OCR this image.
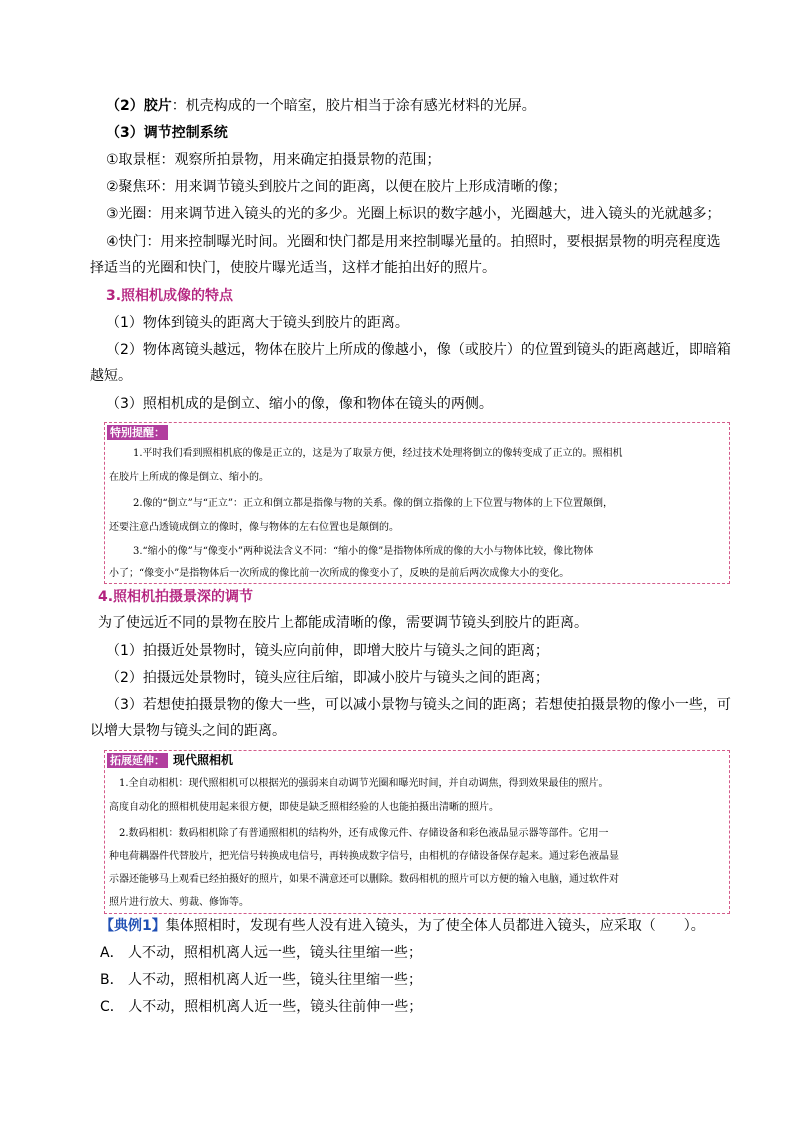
（2）胶片：机壳构成的一个暗室，胶片相当于涂有感光材料的光屏。
（3）调节控制系统
①取景框：观察所拍景物，用来确定拍摄景物的范围；
②聚焦环：用来调节镜头到胶片之间的距离，以便在胶片上形成清晰的像；
③光圈：用来调节进入镜头的光的多少。光圈上标识的数字越小，光圈越大，进入镜头的光就越多；
④快门：用来控制曝光时间。光圈和快门都是用来控制曝光量的。拍照时，要根据景物的明亮程度选
择适当的光圈和快门，使胶片曝光适当，这样才能拍出好的照片。
3.照相机成像的特点
（1）物体到镜头的距离大于镜头到胶片的距离。
（2）物体离镜头越远，物体在胶片上所成的像越小，像（或胶片）的位置到镜头的距离越近，即暗箱
越短。
（3）照相机成的是倒立、缩小的像，像和物体在镜头的两侧。
特别提醒：
1.平时我们看到照相机底的像是正立的，这是为了取景方便，经过技术处理将倒立的像转变成了正立的。照相机
在胶片上所成的像是倒立、缩小的。
2.像的“倒立”与“正立”：正立和倒立都是指像与物的关系。像的倒立指像的上下位置与物体的上下位置颠倒，
还要注意凸透镜成倒立的像时，像与物体的左右位置也是颠倒的。
3.“缩小的像”与“像变小”两种说法含义不同：“缩小的像”是指物体所成的像的大小与物体比较，像比物体
小了；“像变小”是指物体后一次所成的像比前一次所成的像变小了，反映的是前后两次成像大小的变化。
4.照相机拍摄景深的调节
为了使远近不同的景物在胶片上都能成清晰的像，需要调节镜头到胶片的距离。
（1）拍摄近处景物时，镜头应向前伸，即增大胶片与镜头之间的距离；
（2）拍摄远处景物时，镜头应往后缩，即减小胶片与镜头之间的距离；
（3）若想使拍摄景物的像大一些，可以减小景物与镜头之间的距离；若想使拍摄景物的像小一些，可
以增大景物与镜头之间的距离。
拓展延伸： 现代照相机
1.全自动相机：现代照相机可以根据光的强弱来自动调节光圈和曝光时间，并自动调焦，得到效果最佳的照片。
高度自动化的照相机使用起来很方便，即使是缺乏照相经验的人也能拍摄出清晰的照片。
2.数码相机：数码相机除了有普通照相机的结构外，还有成像元件、存储设备和彩色液晶显示器等部件。它用一
种电荷耦器件代替胶片，把光信号转换成电信号，再转换成数字信号，由相机的存储设备保存起来。通过彩色液晶显
示器还能够马上观看已经拍摄好的照片，如果不满意还可以删除。数码相机的照片可以方便的输入电脑，通过软件对
照片进行放大、剪裁、修饰等。
【典例1】集体照相时，发现有些人没有进入镜头，为了使全体人员都进入镜头，应采取（　　）。
A． 人不动，照相机离人远一些，镜头往里缩一些；
B． 人不动，照相机离人近一些，镜头往里缩一些；
C． 人不动，照相机离人近一些，镜头往前伸一些；
